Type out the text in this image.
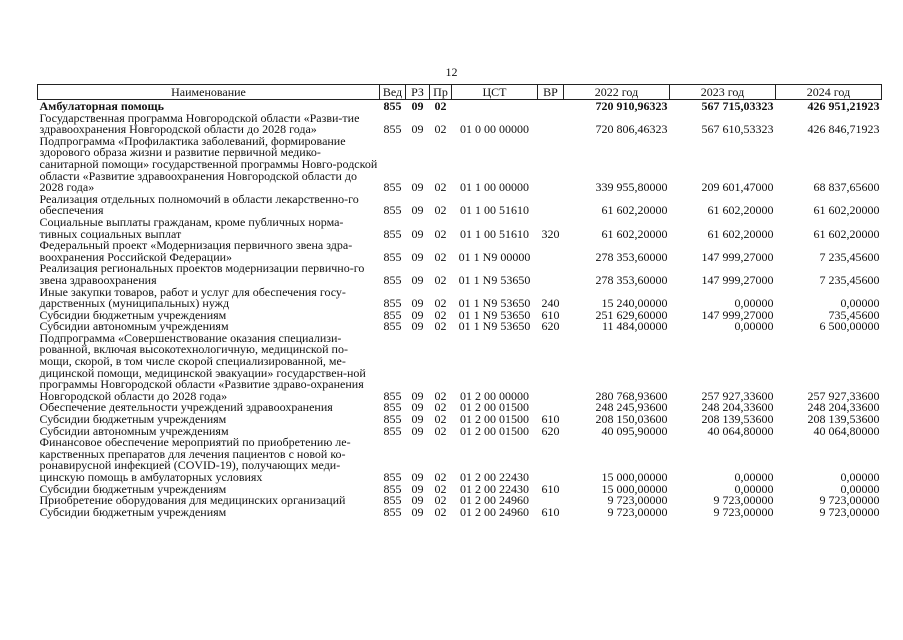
12
Наименование	Вед	РЗ	Пр	ЦСТ	ВР	2022 год	2023 год	2024 год
Амбулаторная помощь	855	09	02			720 910,96323	567 715,03323	426 951,21923
Государственная программа Новгородской области «Разви-тие здравоохранения Новгородской области до 2028 года»	855	09	02	01 0 00 00000		720 806,46323	567 610,53323	426 846,71923
Подпрограмма «Профилактика заболеваний, формирование здорового образа жизни и развитие первичной медико-санитарной помощи» государственной программы Новго-родской области «Развитие здравоохранения Новгородской области до 2028 года»	855	09	02	01 1 00 00000		339 955,80000	209 601,47000	68 837,65600
Реализация отдельных полномочий в области лекарственно-го обеспечения	855	09	02	01 1 00 51610		61 602,20000	61 602,20000	61 602,20000
Социальные выплаты гражданам, кроме публичных норма-тивных социальных выплат	855	09	02	01 1 00 51610	320	61 602,20000	61 602,20000	61 602,20000
Федеральный проект «Модернизация первичного звена здра-воохранения Российской Федерации»	855	09	02	01 1 N9 00000		278 353,60000	147 999,27000	7 235,45600
Реализация региональных проектов модернизации первично-го звена здравоохранения	855	09	02	01 1 N9 53650		278 353,60000	147 999,27000	7 235,45600
Иные закупки товаров, работ и услуг для обеспечения госу-дарственных (муниципальных) нужд	855	09	02	01 1 N9 53650	240	15 240,00000	0,00000	0,00000
Субсидии бюджетным учреждениям	855	09	02	01 1 N9 53650	610	251 629,60000	147 999,27000	735,45600
Субсидии автономным учреждениям	855	09	02	01 1 N9 53650	620	11 484,00000	0,00000	6 500,00000
Подпрограмма «Совершенствование оказания специализи-рованной, включая высокотехнологичную, медицинской по-мощи, скорой, в том числе скорой специализированной, ме-дицинской помощи, медицинской эвакуации» государствен-ной программы Новгородской области «Развитие здраво-охранения Новгородской области до 2028 года»	855	09	02	01 2 00 00000		280 768,93600	257 927,33600	257 927,33600
Обеспечение деятельности учреждений здравоохранения	855	09	02	01 2 00 01500		248 245,93600	248 204,33600	248 204,33600
Субсидии бюджетным учреждениям	855	09	02	01 2 00 01500	610	208 150,03600	208 139,53600	208 139,53600
Субсидии автономным учреждениям	855	09	02	01 2 00 01500	620	40 095,90000	40 064,80000	40 064,80000
Финансовое обеспечение мероприятий по приобретению ле-карственных препаратов для лечения пациентов с новой ко-ронавирусной инфекцией (COVID-19), получающих меди-цинскую помощь в амбулаторных условиях	855	09	02	01 2 00 22430		15 000,00000	0,00000	0,00000
Субсидии бюджетным учреждениям	855	09	02	01 2 00 22430	610	15 000,00000	0,00000	0,00000
Приобретение оборудования для медицинских организаций	855	09	02	01 2 00 24960		9 723,00000	9 723,00000	9 723,00000
Субсидии бюджетным учреждениям	855	09	02	01 2 00 24960	610	9 723,00000	9 723,00000	9 723,00000
